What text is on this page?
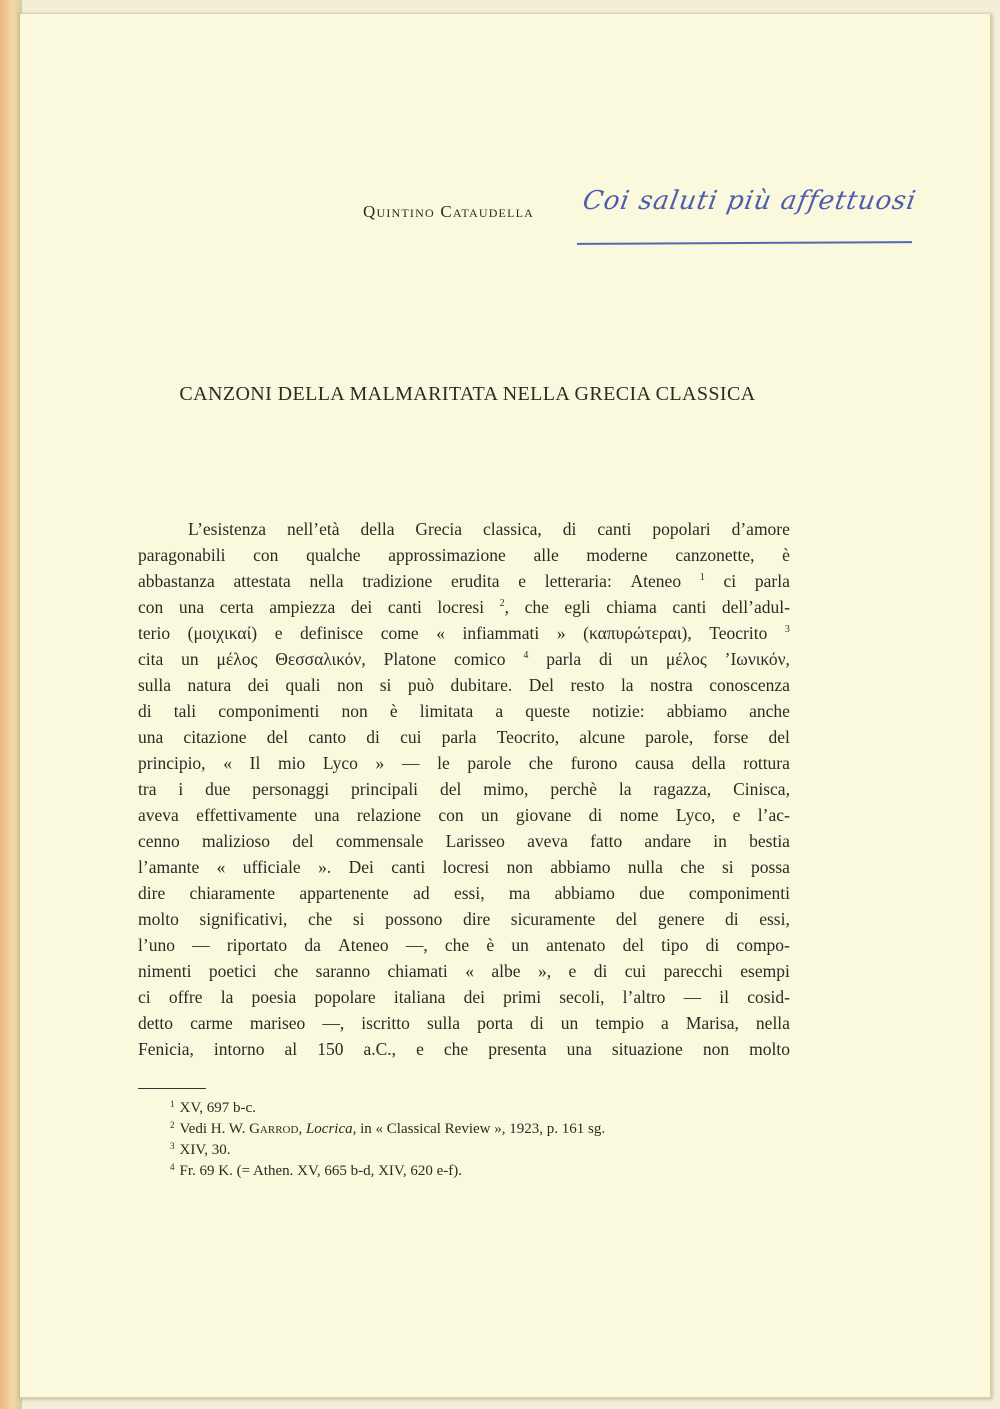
Quintino Cataudella Coi saluti più affettuosi
CANZONI DELLA MALMARITATA NELLA GRECIA CLASSICA
L’esistenza nell’età della Grecia classica, di canti popolari d’amore
paragonabili con qualche approssimazione alle moderne canzonette, è
abbastanza attestata nella tradizione erudita e letteraria: Ateneo $^1$ ci parla
con una certa ampiezza dei canti locresi $^2$, che egli chiama canti dell’adul-
terio (μοιχικαί) e definisce come « infiammati » (καπυρώτεραι), Teocrito $^3$
cita un μέλος Θεσσαλικόν, Platone comico $^4$ parla di un μέλος ’Ιωνικόν,
sulla natura dei quali non si può dubitare. Del resto la nostra conoscenza
di tali componimenti non è limitata a queste notizie: abbiamo anche
una citazione del canto di cui parla Teocrito, alcune parole, forse del
principio, « Il mio Lyco » — le parole che furono causa della rottura
tra i due personaggi principali del mimo, perchè la ragazza, Cinisca,
aveva effettivamente una relazione con un giovane di nome Lyco, e l’ac-
cenno malizioso del commensale Larisseo aveva fatto andare in bestia
l’amante « ufficiale ». Dei canti locresi non abbiamo nulla che si possa
dire chiaramente appartenente ad essi, ma abbiamo due componimenti
molto significativi, che si possono dire sicuramente del genere di essi,
l’uno — riportato da Ateneo —, che è un antenato del tipo di compo-
nimenti poetici che saranno chiamati « albe », e di cui parecchi esempi
ci offre la poesia popolare italiana dei primi secoli, l’altro — il cosid-
detto carme mariseo —, iscritto sulla porta di un tempio a Marisa, nella
Fenicia, intorno al 150 a.C., e che presenta una situazione non molto
$^1$ XV, 697 b-c.
$^2$ Vedi H. W. Garrod, Locrica, in « Classical Review », 1923, p. 161 sg.
$^3$ XIV, 30.
$^4$ Fr. 69 K. (= Athen. XV, 665 b-d, XIV, 620 e-f).
